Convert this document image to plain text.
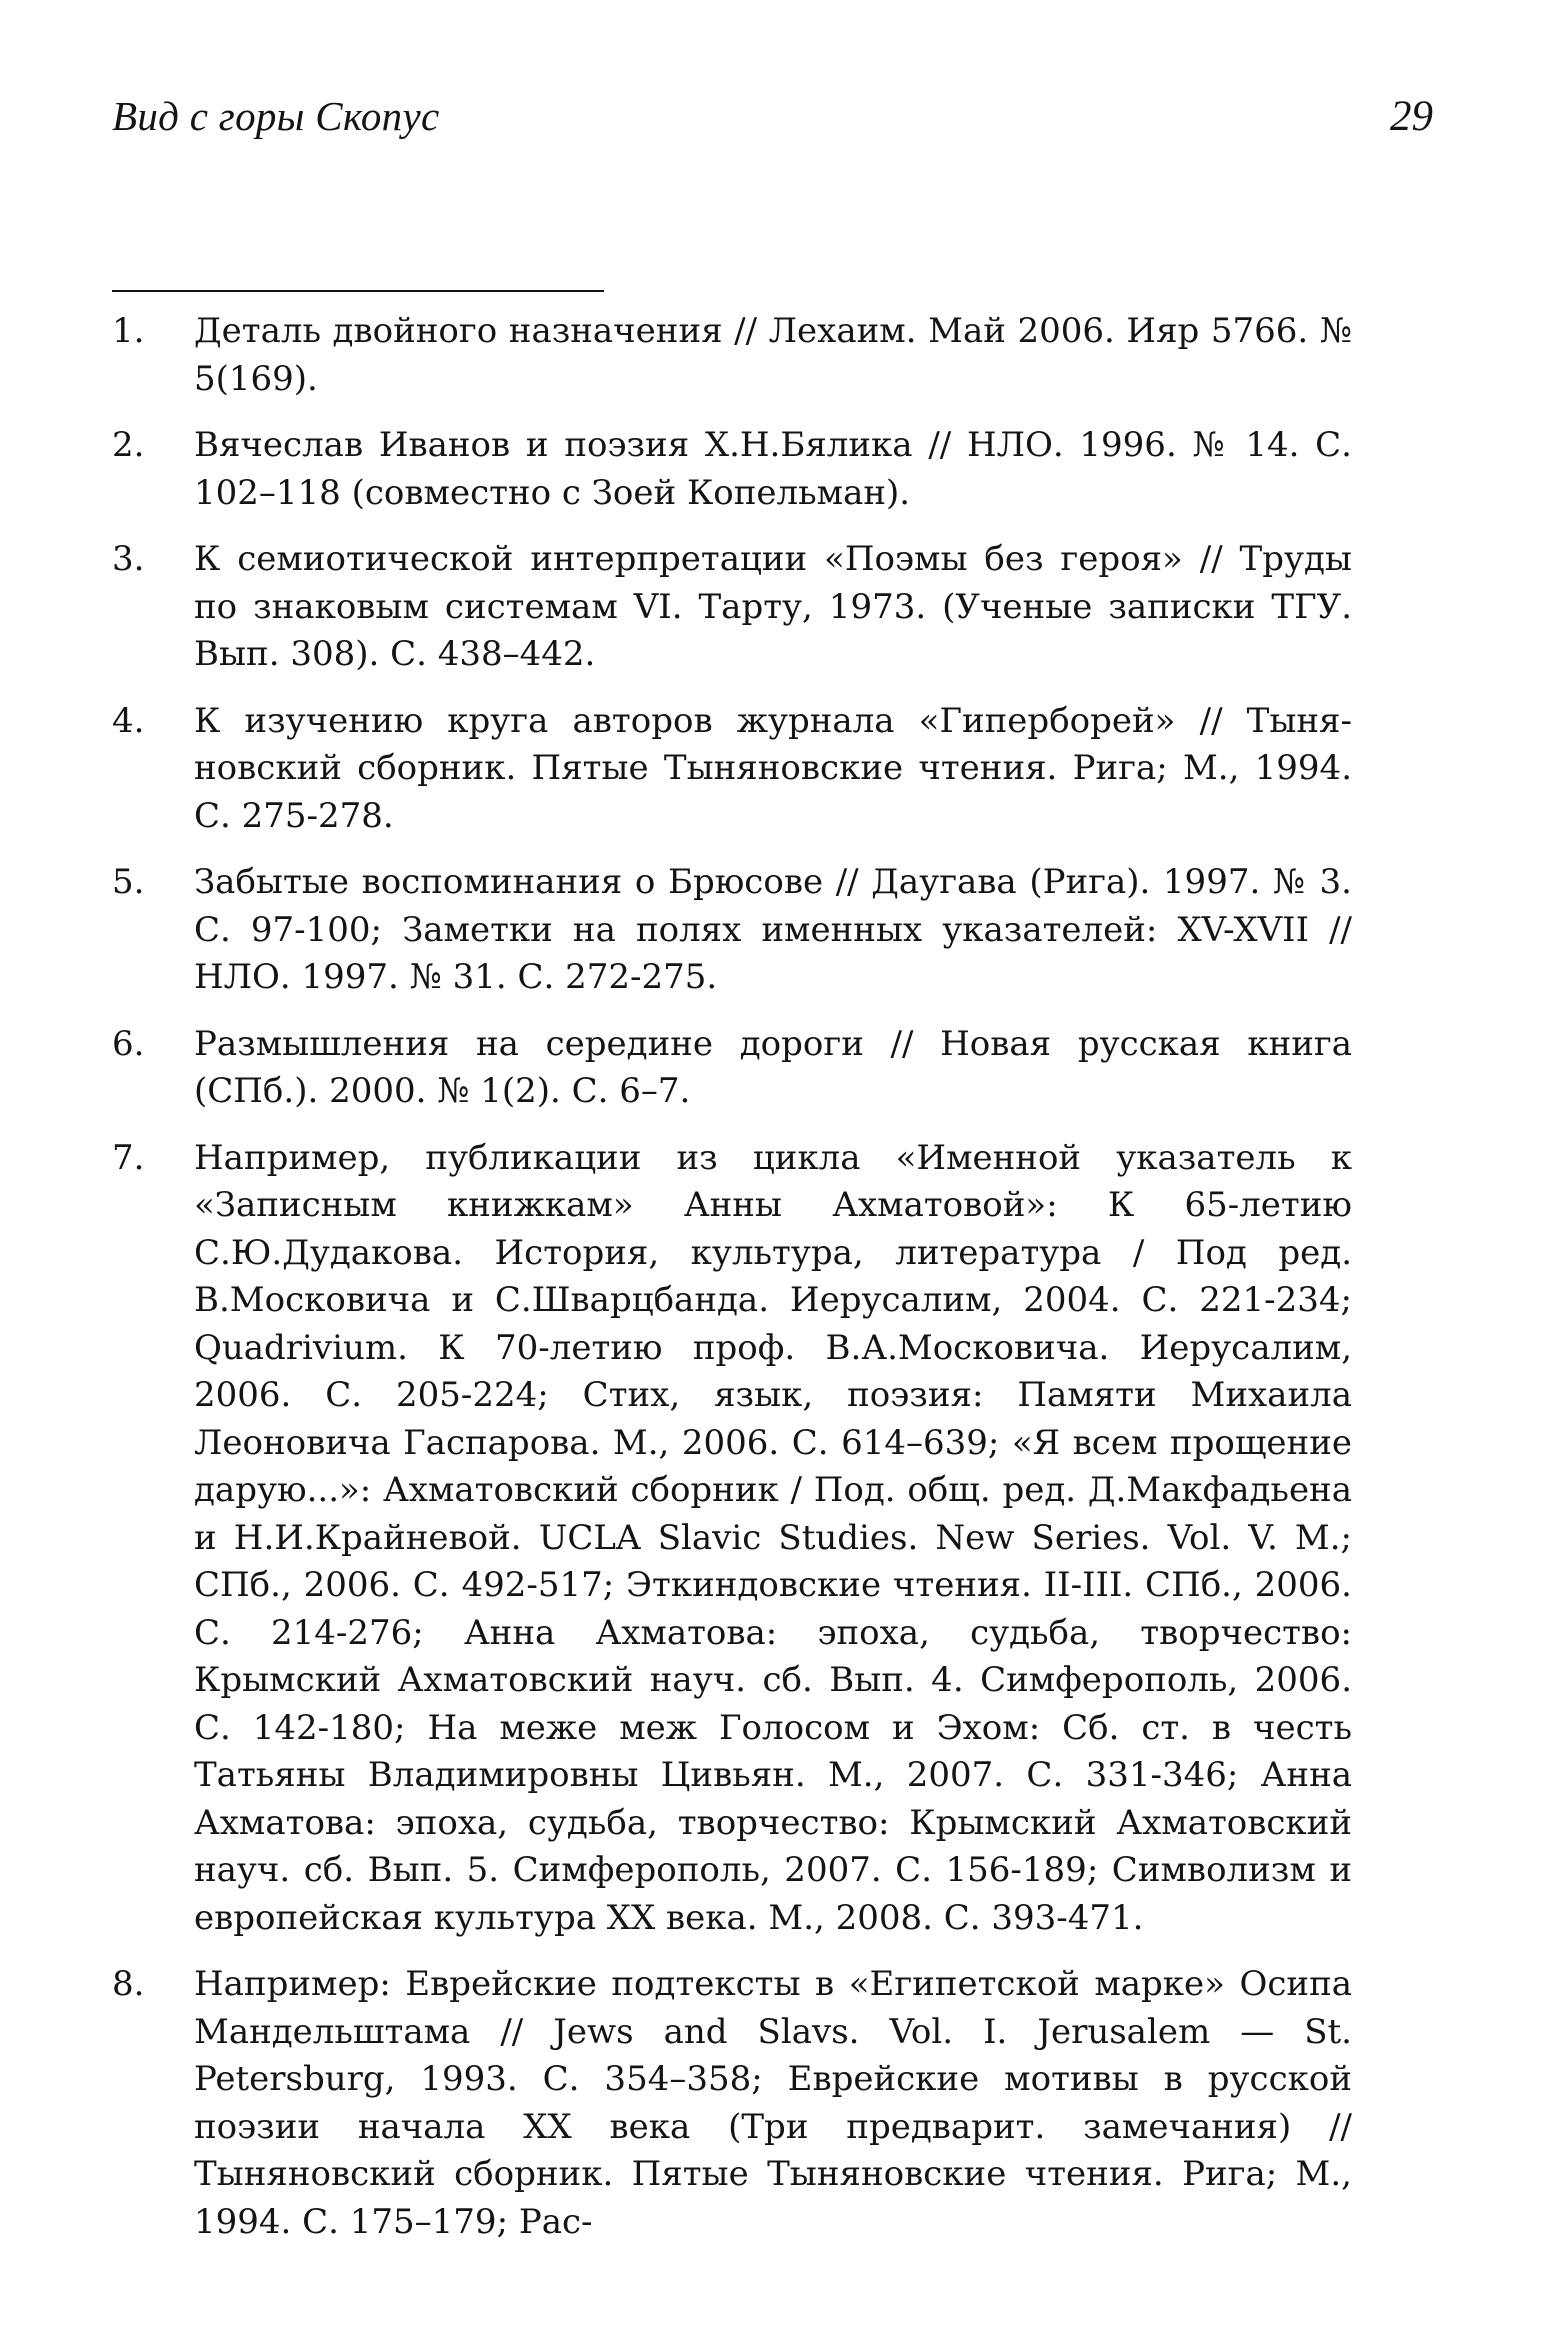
Вид с горы Скопус	29
1. Деталь двойного назначения // Лехаим. Май 2006. Ияр 5766. № 5(169).
2. Вячеслав Иванов и поэзия Х.Н.Бялика // НЛО. 1996. № 14. С. 102–118 (совместно с Зоей Копельман).
3. К семиотической интерпретации «Поэмы без героя» // Труды по знаковым системам VI. Тарту, 1973. (Ученые записки ТГУ. Вып. 308). С. 438–442.
4. К изучению круга авторов журнала «Гиперборей» // Тыняновский сборник. Пятые Тыняновские чтения. Рига; М., 1994. С. 275-278.
5. Забытые воспоминания о Брюсове // Даугава (Рига). 1997. № 3. С. 97-100; Заметки на полях именных указателей: XV-XVII // НЛО. 1997. № 31. С. 272-275.
6. Размышления на середине дороги // Новая русская книга (СПб.). 2000. № 1(2). С. 6–7.
7. Например, публикации из цикла «Именной указатель к «Записным книжкам» Анны Ахматовой»: К 65-летию С.Ю.Дудакова. История, культура, литература / Под ред. В.Московича и С.Шварцбанда. Иерусалим, 2004. С. 221-234; Quadrivium. К 70-летию проф. В.А.Московича. Иерусалим, 2006. С. 205-224; Стих, язык, поэзия: Памяти Михаила Леоновича Гаспарова. М., 2006. С. 614–639; «Я всем прощение дарую...»: Ахматовский сборник / Под. общ. ред. Д.Макфадьена и Н.И.Крайневой. UCLA Slavic Studies. New Series. Vol. V. M.; СПб., 2006. С. 492-517; Эткиндовские чтения. II-III. СПб., 2006. С. 214-276; Анна Ахматова: эпоха, судьба, творчество: Крымский Ахматовский науч. сб. Вып. 4. Симферополь, 2006. С. 142-180; На меже меж Голосом и Эхом: Сб. ст. в честь Татьяны Владимировны Цивьян. М., 2007. С. 331-346; Анна Ахматова: эпоха, судьба, творчество: Крымский Ахматовский науч. сб. Вып. 5. Симферополь, 2007. С. 156-189; Символизм и европейская культура XX века. М., 2008. С. 393-471.
8. Например: Еврейские подтексты в «Египетской марке» Осипа Мандельштама // Jews and Slavs. Vol. I. Jerusalem — St. Petersburg, 1993. С. 354–358; Еврейские мотивы в русской поэзии начала XX века (Три предварит. замечания) // Тыняновский сборник. Пятые Тыняновские чтения. Рига; М., 1994. С. 175–179; Рас-
